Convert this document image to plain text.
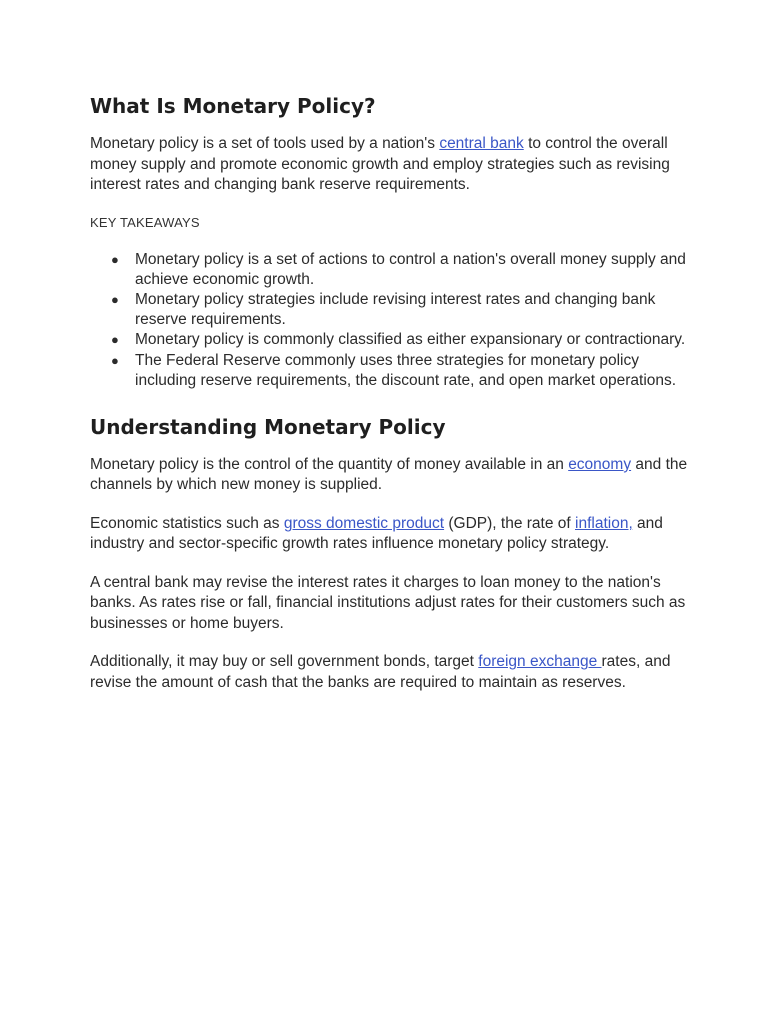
What Is Monetary Policy?

Monetary policy is a set of tools used by a nation's central bank to control the overall money supply and promote economic growth and employ strategies such as revising interest rates and changing bank reserve requirements.

KEY TAKEAWAYS
● Monetary policy is a set of actions to control a nation's overall money supply and achieve economic growth.
● Monetary policy strategies include revising interest rates and changing bank reserve requirements.
● Monetary policy is commonly classified as either expansionary or contractionary.
● The Federal Reserve commonly uses three strategies for monetary policy including reserve requirements, the discount rate, and open market operations.
Understanding Monetary Policy

Monetary policy is the control of the quantity of money available in an economy and the channels by which new money is supplied.

Economic statistics such as gross domestic product (GDP), the rate of inflation, and industry and sector-specific growth rates influence monetary policy strategy.

A central bank may revise the interest rates it charges to loan money to the nation's banks. As rates rise or fall, financial institutions adjust rates for their customers such as businesses or home buyers.

Additionally, it may buy or sell government bonds, target foreign exchange rates, and revise the amount of cash that the banks are required to maintain as reserves.
